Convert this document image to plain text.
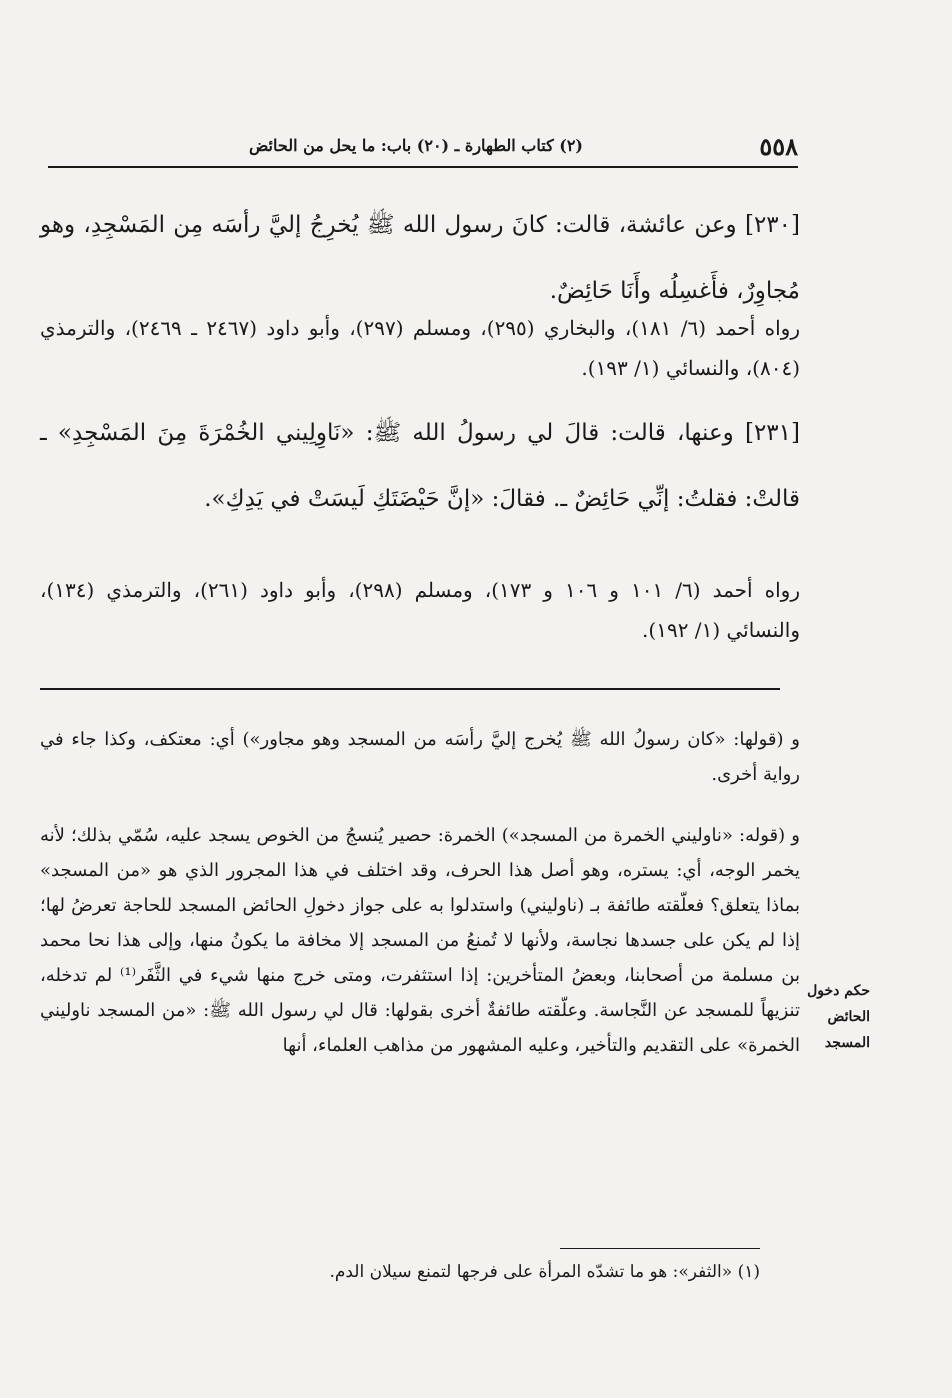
(٢) كتاب الطهارة ـ (٢٠) باب: ما يحل من الحائض	٥٥٨
[٢٣٠] وعن عائشة، قالت: كانَ رسول الله ﷺ يُخرِجُ إليَّ رأسَه مِن المَسْجِدِ، وهو مُجاوِرٌ، فأَغسِلُه وأَنَا حَائِضٌ.
رواه أحمد (٦/ ١٨١)، والبخاري (٢٩٥)، ومسلم (٢٩٧)، وأبو داود (٢٤٦٧ ـ ٢٤٦٩)، والترمذي (٨٠٤)، والنسائي (١/ ١٩٣).
[٢٣١] وعنها، قالت: قالَ لي رسولُ الله ﷺ: «نَاوِلِيني الخُمْرَةَ مِنَ المَسْجِدِ» ـ قالتْ: فقلتُ: إنِّي حَائِضٌ ـ. فقالَ: «إنَّ حَيْضَتَكِ لَيسَتْ في يَدِكِ».
رواه أحمد (٦/ ١٠١ و ١٠٦ و ١٧٣)، ومسلم (٢٩٨)، وأبو داود (٢٦١)، والترمذي (١٣٤)، والنسائي (١/ ١٩٢).
و (قولها: «كان رسولُ الله ﷺ يُخرج إليَّ رأسَه من المسجد وهو مجاور») أي: معتكف، وكذا جاء في رواية أخرى.
و (قوله: «ناوليني الخمرة من المسجد») الخمرة: حصير يُنسجُ من الخوص يسجد عليه، سُمّي بذلك؛ لأنه يخمر الوجه، أي: يستره، وهو أصل هذا الحرف، وقد اختلف في هذا المجرور الذي هو «من المسجد» بماذا يتعلق؟ فعلّقته طائفة بـ (ناوليني) واستدلوا به على جواز دخولِ الحائض المسجد للحاجة تعرضُ لها؛ إذا لم يكن على جسدها نجاسة، ولأنها لا تُمنعُ من المسجد إلا مخافة ما يكونُ منها، وإلى هذا نحا محمد بن مسلمة من أصحابنا، وبعضُ المتأخرين: إذا استثفرت، ومتى خرج منها شيء في الثَّفَر⁽¹⁾ لم تدخله، تنزيهاً للمسجد عن النَّجاسة. وعلّقته طائفةٌ أخرى بقولها: قال لي رسول الله ﷺ: «من المسجد ناوليني الخمرة» على التقديم والتأخير، وعليه المشهور من مذاهب العلماء، أنها
حكم دخول الحائض المسجد
(١) «الثفر»: هو ما تشدّه المرأة على فرجها لتمنع سيلان الدم.
